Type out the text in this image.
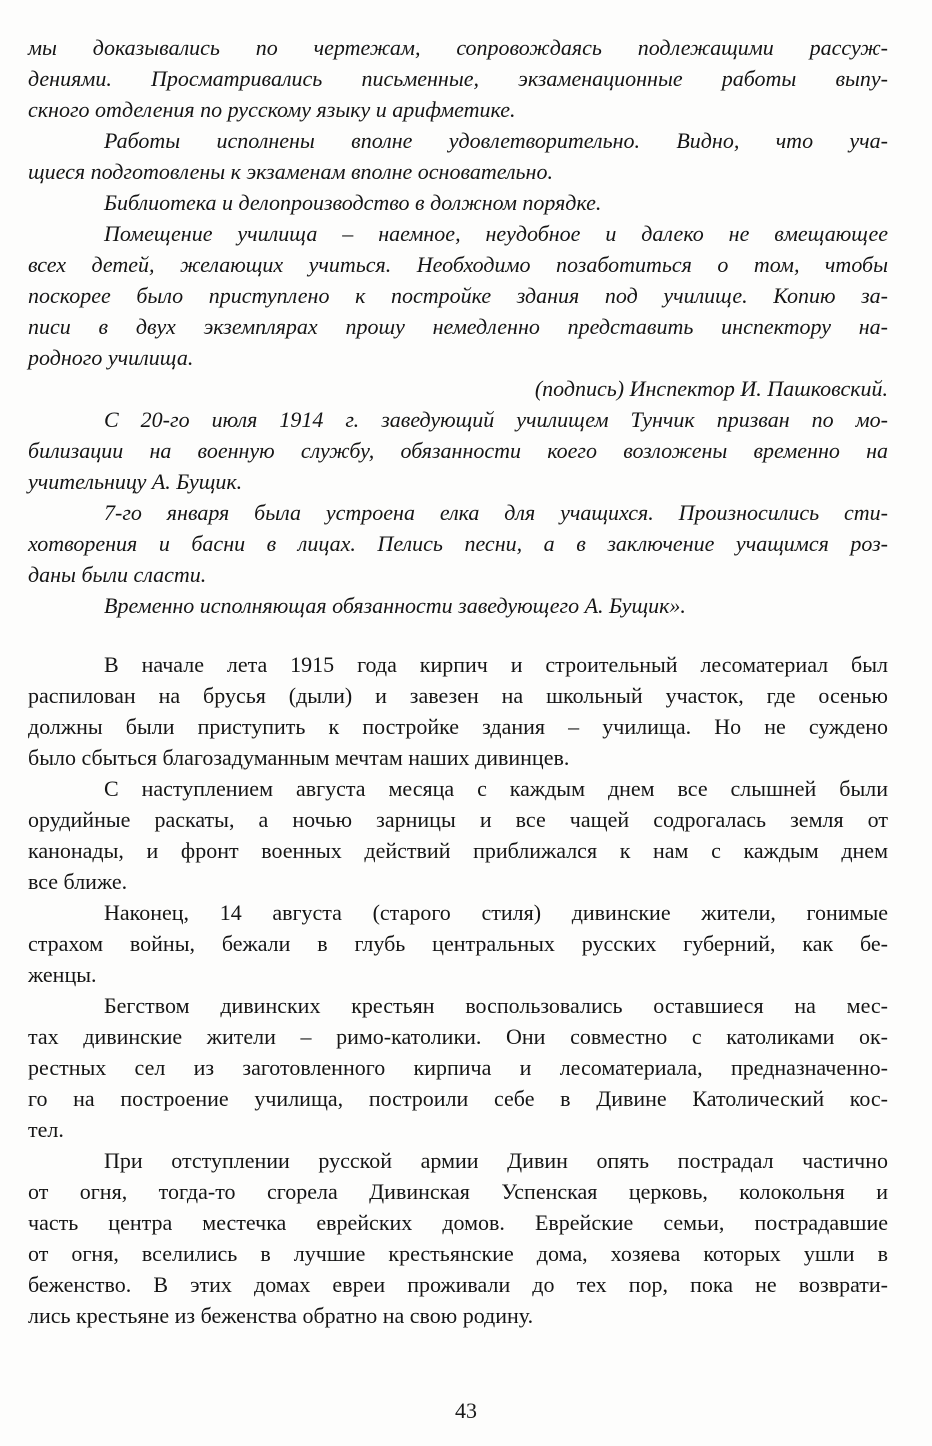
мы доказывались по чертежам, сопровождаясь подлежащими рассуж-
дениями. Просматривались письменные, экзаменационные работы выпу-
скного отделения по русскому языку и арифметике.
Работы исполнены вполне удовлетворительно. Видно, что уча-
щиеся подготовлены к экзаменам вполне основательно.
Библиотека и делопроизводство в должном порядке.
Помещение училища – наемное, неудобное и далеко не вмещающее
всех детей, желающих учиться. Необходимо позаботиться о том, чтобы
поскорее было приступлено к постройке здания под училище. Копию за-
писи в двух экземплярах прошу немедленно представить инспектору на-
родного училища.
(подпись) Инспектор И. Пашковский.
С 20-го июля 1914 г. заведующий училищем Тунчик призван по мо-
билизации на военную службу, обязанности коего возложены временно на
учительницу А. Бущик.
7-го января была устроена елка для учащихся. Произносились сти-
хотворения и басни в лицах. Пелись песни, а в заключение учащимся роз-
даны были сласти.
Временно исполняющая обязанности заведующего А. Бущик».
В начале лета 1915 года кирпич и строительный лесоматериал был
распилован на брусья (дыли) и завезен на школьный участок, где осенью
должны были приступить к постройке здания – училища. Но не суждено
было сбыться благозадуманным мечтам наших дивинцев.
С наступлением августа месяца с каждым днем все слышней были
орудийные раскаты, а ночью зарницы и все чащей содрогалась земля от
канонады, и фронт военных действий приближался к нам с каждым днем
все ближе.
Наконец, 14 августа (старого стиля) дивинские жители, гонимые
страхом войны, бежали в глубь центральных русских губерний, как бе-
женцы.
Бегством дивинских крестьян воспользовались оставшиеся на мес-
тах дивинские жители – римо-католики. Они совместно с католиками ок-
рестных сел из заготовленного кирпича и лесоматериала, предназначенно-
го на построение училища, построили себе в Дивине Католический кос-
тел.
При отступлении русской армии Дивин опять пострадал частично
от огня, тогда-то сгорела Дивинская Успенская церковь, колокольня и
часть центра местечка еврейских домов. Еврейские семьи, пострадавшие
от огня, вселились в лучшие крестьянские дома, хозяева которых ушли в
беженство. В этих домах евреи проживали до тех пор, пока не возврати-
лись крестьяне из беженства обратно на свою родину.
43
